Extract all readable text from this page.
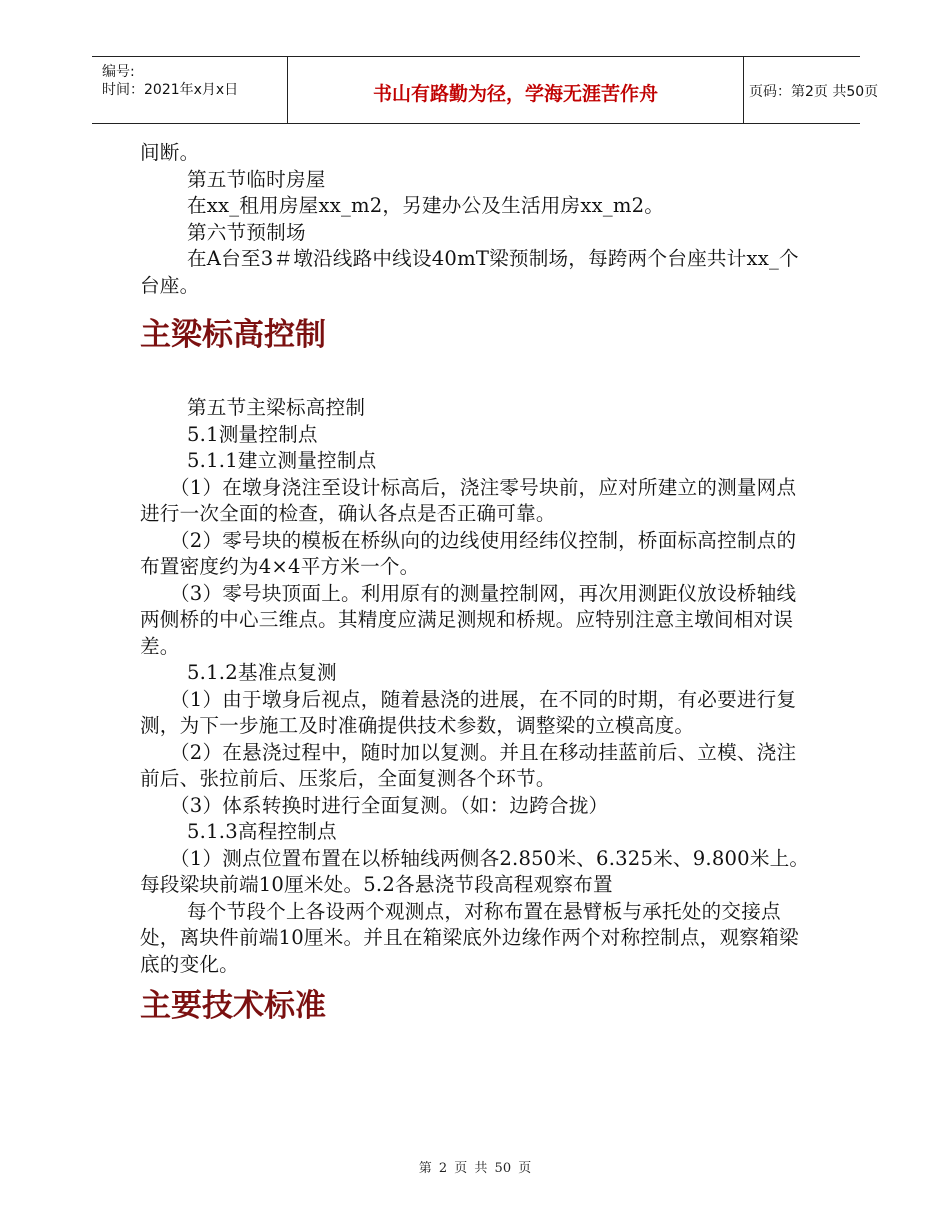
编号:
时间：2021年x月x日	书山有路勤为径，学海无涯苦作舟	页码：第2页 共50页

间断。

第五节临时房屋

在xx_租用房屋xx_m2，另建办公及生活用房xx_m2。

第六节预制场

在A台至3＃墩沿线路中线设40mT梁预制场，每跨两个台座共计xx_个台座。

主梁标高控制

第五节主梁标高控制

5.1测量控制点

5.1.1建立测量控制点

（1）在墩身浇注至设计标高后，浇注零号块前，应对所建立的测量网点进行一次全面的检查，确认各点是否正确可靠。

（2）零号块的模板在桥纵向的边线使用经纬仪控制，桥面标高控制点的布置密度约为4×4平方米一个。

（3）零号块顶面上。利用原有的测量控制网，再次用测距仪放设桥轴线两侧桥的中心三维点。其精度应满足测规和桥规。应特别注意主墩间相对误差。

5.1.2基准点复测

（1）由于墩身后视点，随着悬浇的进展，在不同的时期，有必要进行复测，为下一步施工及时准确提供技术参数，调整梁的立模高度。

（2）在悬浇过程中，随时加以复测。并且在移动挂蓝前后、立模、浇注前后、张拉前后、压浆后，全面复测各个环节。

（3）体系转换时进行全面复测。（如：边跨合拢）

5.1.3高程控制点

（1）测点位置布置在以桥轴线两侧各2.850米、6.325米、9.800米上。每段梁块前端10厘米处。5.2各悬浇节段高程观察布置

每个节段个上各设两个观测点，对称布置在悬臂板与承托处的交接点处，离块件前端10厘米。并且在箱梁底外边缘作两个对称控制点，观察箱梁底的变化。

主要技术标准
第 2 页 共 50 页
